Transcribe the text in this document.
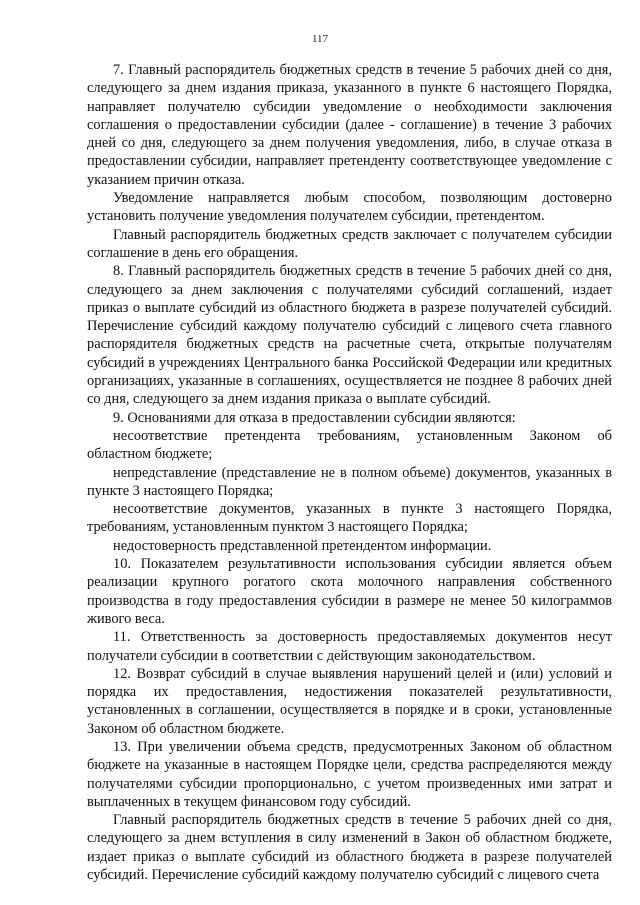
117

7. Главный распорядитель бюджетных средств в течение 5 рабочих дней со дня, следующего за днем издания приказа, указанного в пункте 6 настоящего Порядка, направляет получателю субсидии уведомление о необходимости заключения соглашения о предоставлении субсидии (далее - соглашение) в течение 3 рабочих дней со дня, следующего за днем получения уведомления, либо, в случае отказа в предоставлении субсидии, направляет претенденту соответствующее уведомление с указанием причин отказа.

Уведомление направляется любым способом, позволяющим достоверно установить получение уведомления получателем субсидии, претендентом.

Главный распорядитель бюджетных средств заключает с получателем субсидии соглашение в день его обращения.

8. Главный распорядитель бюджетных средств в течение 5 рабочих дней со дня, следующего за днем заключения с получателями субсидий соглашений, издает приказ о выплате субсидий из областного бюджета в разрезе получателей субсидий. Перечисление субсидий каждому получателю субсидий с лицевого счета главного распорядителя бюджетных средств на расчетные счета, открытые получателям субсидий в учреждениях Центрального банка Российской Федерации или кредитных организациях, указанные в соглашениях, осуществляется не позднее 8 рабочих дней со дня, следующего за днем издания приказа о выплате субсидий.

9. Основаниями для отказа в предоставлении субсидии являются:

несоответствие претендента требованиям, установленным Законом об областном бюджете;

непредставление (представление не в полном объеме) документов, указанных в пункте 3 настоящего Порядка;

несоответствие документов, указанных в пункте 3 настоящего Порядка, требованиям, установленным пунктом 3 настоящего Порядка;

недостоверность представленной претендентом информации.

10. Показателем результативности использования субсидии является объем реализации крупного рогатого скота молочного направления собственного производства в году предоставления субсидии в размере не менее 50 килограммов живого веса.

11. Ответственность за достоверность предоставляемых документов несут получатели субсидии в соответствии с действующим законодательством.

12. Возврат субсидий в случае выявления нарушений целей и (или) условий и порядка их предоставления, недостижения показателей результативности, установленных в соглашении, осуществляется в порядке и в сроки, установленные Законом об областном бюджете.

13. При увеличении объема средств, предусмотренных Законом об областном бюджете на указанные в настоящем Порядке цели, средства распределяются между получателями субсидии пропорционально, с учетом произведенных ими затрат и выплаченных в текущем финансовом году субсидий.

Главный распорядитель бюджетных средств в течение 5 рабочих дней со дня, следующего за днем вступления в силу изменений в Закон об областном бюджете, издает приказ о выплате субсидий из областного бюджета в разрезе получателей субсидий. Перечисление субсидий каждому получателю субсидий с лицевого счета
